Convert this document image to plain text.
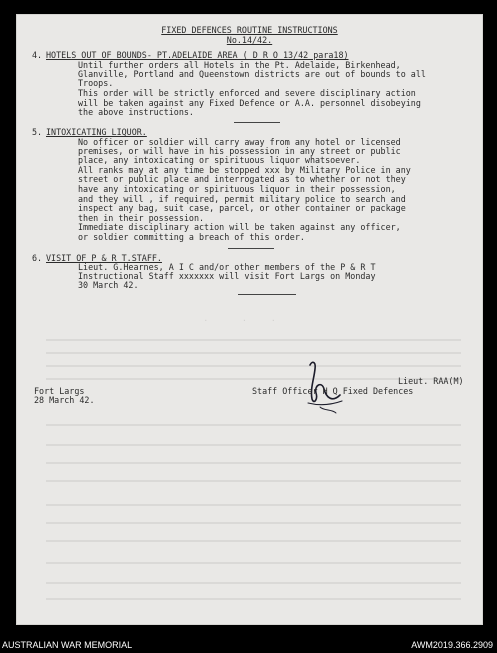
.       .     .
FIXED DEFENCES ROUTINE INSTRUCTIONS
No.14/42.
4. HOTELS OUT OF BOUNDS- PT.ADELAIDE AREA ( D R O 13/42 para18)
Until further orders all Hotels in the Pt. Adelaide, Birkenhead,
Glanville, Portland and Queenstown districts are out of bounds to all
Troops.
This order will be strictly enforced and severe disciplinary action
will be taken against any Fixed Defence or A.A. personnel disobeying
the above instructions.
5. INTOXICATING LIQUOR.
No officer or soldier will carry away from any hotel or licensed
premises, or will have in his possession in any street or public
place, any intoxicating or spirituous liquor whatsoever.
All ranks may at any time be stopped xxx by Military Police in any
street or public place and interrogated as to whether or not they
have any intoxicating or spirituous liquor in their possession,
and they will , if required, permit military police to search and
inspect any bag, suit case, parcel, or other container or package
then in their possession.
Immediate disciplinary action will be taken against any officer,
or soldier committing a breach of this order.
6. VISIT OF P & R T.STAFF.
Lieut. G.Hearnes, A I C and/or other members of the P & R T
Instructional Staff xxxxxxx will visit Fort Largs on Monday
30 March 42.
Lieut. RAA(M)
Staff Officer H Q Fixed Defences
Fort Largs
28 March 42.
AUSTRALIAN WAR MEMORIAL	AWM2019.366.2909
